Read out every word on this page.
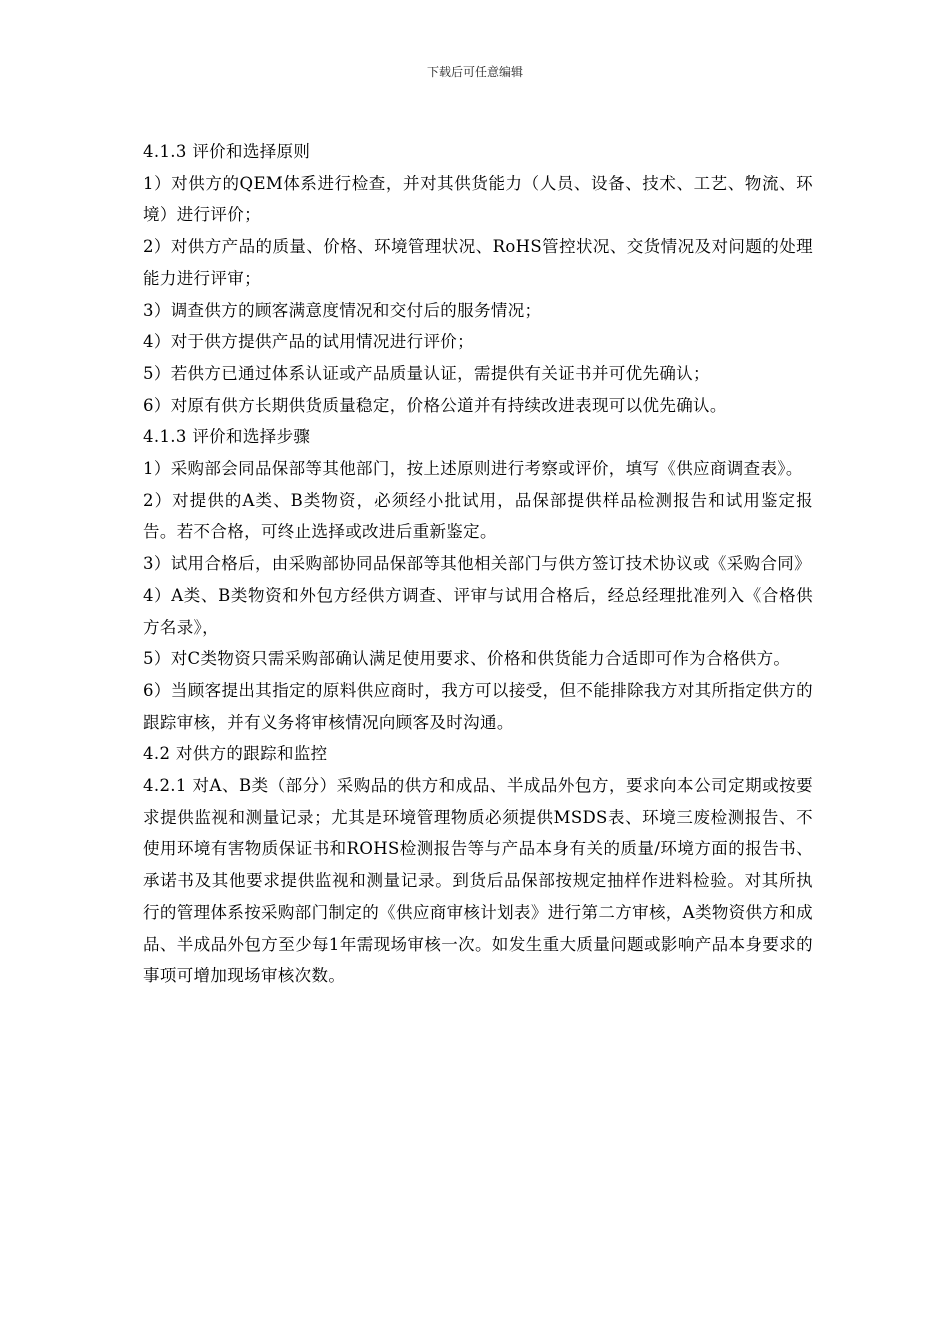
下载后可任意编辑

4.1.3 评价和选择原则

1）对供方的QEM体系进行检查，并对其供货能力（人员、设备、技术、工艺、物流、环境）进行评价；

2）对供方产品的质量、价格、环境管理状况、RoHS管控状况、交货情况及对问题的处理能力进行评审；

3）调查供方的顾客满意度情况和交付后的服务情况；

4）对于供方提供产品的试用情况进行评价；

5）若供方已通过体系认证或产品质量认证，需提供有关证书并可优先确认；

6）对原有供方长期供货质量稳定，价格公道并有持续改进表现可以优先确认。

4.1.3 评价和选择步骤

1）采购部会同品保部等其他部门，按上述原则进行考察或评价，填写《供应商调查表》。

2）对提供的A类、B类物资，必须经小批试用，品保部提供样品检测报告和试用鉴定报告。若不合格，可终止选择或改进后重新鉴定。

3）试用合格后，由采购部协同品保部等其他相关部门与供方签订技术协议或《采购合同》

4）A类、B类物资和外包方经供方调查、评审与试用合格后，经总经理批准列入《合格供方名录》，

5）对C类物资只需采购部确认满足使用要求、价格和供货能力合适即可作为合格供方。

6）当顾客提出其指定的原料供应商时，我方可以接受，但不能排除我方对其所指定供方的跟踪审核，并有义务将审核情况向顾客及时沟通。

4.2 对供方的跟踪和监控

4.2.1 对A、B类（部分）采购品的供方和成品、半成品外包方，要求向本公司定期或按要求提供监视和测量记录；尤其是环境管理物质必须提供MSDS表、环境三废检测报告、不使用环境有害物质保证书和ROHS检测报告等与产品本身有关的质量/环境方面的报告书、承诺书及其他要求提供监视和测量记录。到货后品保部按规定抽样作进料检验。对其所执行的管理体系按采购部门制定的《供应商审核计划表》进行第二方审核，A类物资供方和成品、半成品外包方至少每1年需现场审核一次。如发生重大质量问题或影响产品本身要求的事项可增加现场审核次数。
